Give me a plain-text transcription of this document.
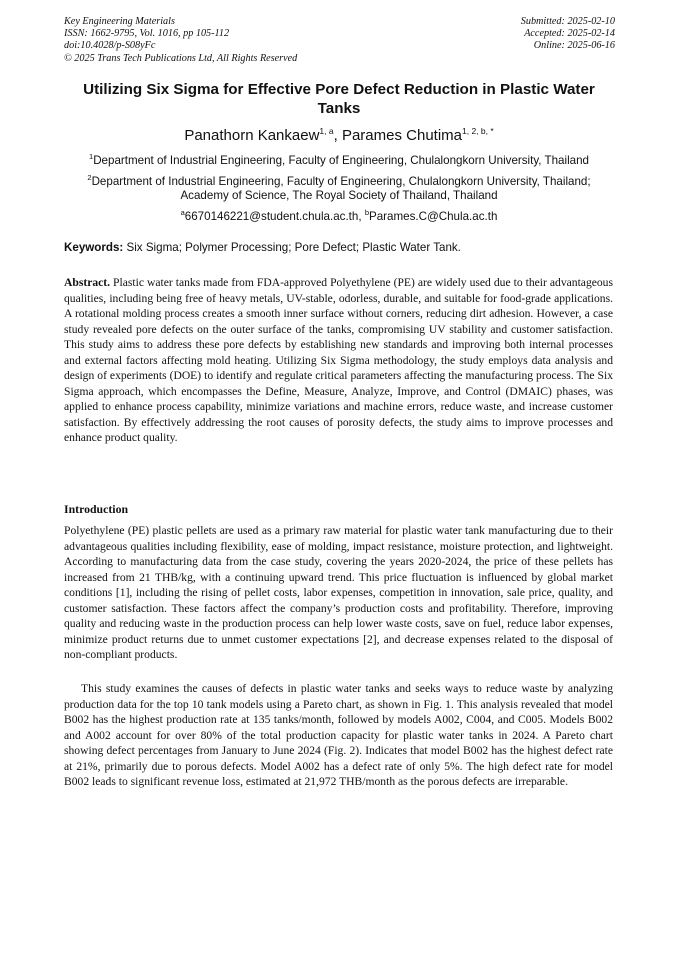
Key Engineering Materials
ISSN: 1662-9795, Vol. 1016, pp 105-112
doi:10.4028/p-S08yFc
© 2025 Trans Tech Publications Ltd, All Rights Reserved
Submitted: 2025-02-10
Accepted: 2025-02-14
Online: 2025-06-16
Utilizing Six Sigma for Effective Pore Defect Reduction in Plastic Water Tanks
Panathorn Kankaew$^{1, a}$, Parames Chutima$^{1, 2, b, *}$
$^1$Department of Industrial Engineering, Faculty of Engineering, Chulalongkorn University, Thailand
$^2$Department of Industrial Engineering, Faculty of Engineering, Chulalongkorn University, Thailand;
Academy of Science, The Royal Society of Thailand, Thailand
$^a$6670146221@student.chula.ac.th, $^b$Parames.C@Chula.ac.th
Keywords: Six Sigma; Polymer Processing; Pore Defect; Plastic Water Tank.
Abstract. Plastic water tanks made from FDA-approved Polyethylene (PE) are widely used due to their advantageous qualities, including being free of heavy metals, UV-stable, odorless, durable, and suitable for food-grade applications. A rotational molding process creates a smooth inner surface without corners, reducing dirt adhesion. However, a case study revealed pore defects on the outer surface of the tanks, compromising UV stability and customer satisfaction. This study aims to address these pore defects by establishing new standards and improving both internal processes and external factors affecting mold heating. Utilizing Six Sigma methodology, the study employs data analysis and design of experiments (DOE) to identify and regulate critical parameters affecting the manufacturing process. The Six Sigma approach, which encompasses the Define, Measure, Analyze, Improve, and Control (DMAIC) phases, was applied to enhance process capability, minimize variations and machine errors, reduce waste, and increase customer satisfaction. By effectively addressing the root causes of porosity defects, the study aims to improve processes and enhance product quality.
Introduction
Polyethylene (PE) plastic pellets are used as a primary raw material for plastic water tank manufacturing due to their advantageous qualities including flexibility, ease of molding, impact resistance, moisture protection, and lightweight. According to manufacturing data from the case study, covering the years 2020-2024, the price of these pellets has increased from 21 THB/kg, with a continuing upward trend. This price fluctuation is influenced by global market conditions [1], including the rising of pellet costs, labor expenses, competition in innovation, sale price, quality, and customer satisfaction. These factors affect the company’s production costs and profitability. Therefore, improving quality and reducing waste in the production process can help lower waste costs, save on fuel, reduce labor expenses, minimize product returns due to unmet customer expectations [2], and decrease expenses related to the disposal of non-compliant products.
This study examines the causes of defects in plastic water tanks and seeks ways to reduce waste by analyzing production data for the top 10 tank models using a Pareto chart, as shown in Fig. 1. This analysis revealed that model B002 has the highest production rate at 135 tanks/month, followed by models A002, C004, and C005. Models B002 and A002 account for over 80% of the total production capacity for plastic water tanks in 2024. A Pareto chart showing defect percentages from January to June 2024 (Fig. 2). Indicates that model B002 has the highest defect rate at 21%, primarily due to porous defects. Model A002 has a defect rate of only 5%. The high defect rate for model B002 leads to significant revenue loss, estimated at 21,972 THB/month as the porous defects are irreparable.
